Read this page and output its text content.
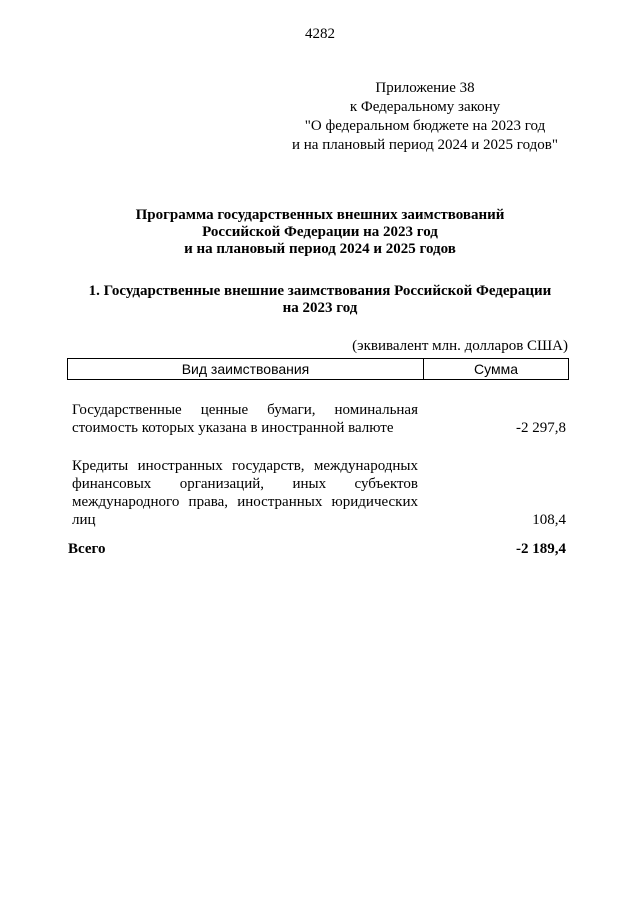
4282
Приложение 38
к Федеральному закону
"О федеральном бюджете на 2023 год
и на плановый период 2024 и 2025 годов"
Программа государственных внешних заимствований
Российской Федерации на 2023 год
и на плановый период 2024 и 2025 годов
1. Государственные внешние заимствования Российской Федерации
на 2023 год
(эквивалент млн. долларов США)
Вид заимствования	Сумма
Государственные ценные бумаги, номинальная стоимость которых указана в иностранной валюте	-2 297,8
Кредиты иностранных государств, международных финансовых организаций, иных субъектов международного права, иностранных юридических лиц	108,4
Всего	-2 189,4
